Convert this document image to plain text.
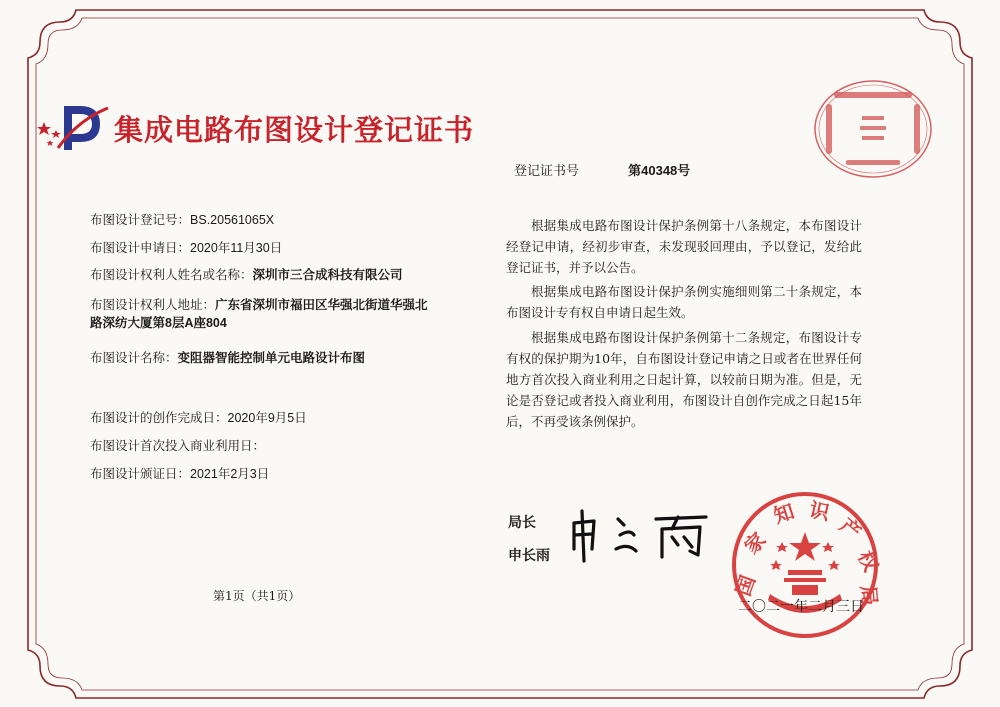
集成电路布图设计登记证书
登记证书号	第40348号
布图设计登记号：BS.20561065X
布图设计申请日：2020年11月30日
布图设计权利人姓名或名称：深圳市三合成科技有限公司
布图设计权利人地址：广东省深圳市福田区华强北街道华强北路深纺大厦第8层A座804
布图设计名称：变阻器智能控制单元电路设计布图
布图设计的创作完成日：2020年9月5日
布图设计首次投入商业利用日：
布图设计颁证日：2021年2月3日
根据集成电路布图设计保护条例第十八条规定，本布图设计经登记申请，经初步审查，未发现驳回理由，予以登记，发给此登记证书，并予以公告。
根据集成电路布图设计保护条例实施细则第二十条规定，本布图设计专有权自申请日起生效。
根据集成电路布图设计保护条例第十二条规定，布图设计专有权的保护期为10年，自布图设计登记申请之日或者在世界任何地方首次投入商业利用之日起计算，以较前日期为准。但是，无论是否登记或者投入商业利用，布图设计自创作完成之日起15年后，不再受该条例保护。
局长
申长雨
国
家
知 识
产
权
局
二〇二一年二月三日
第1页（共1页）
